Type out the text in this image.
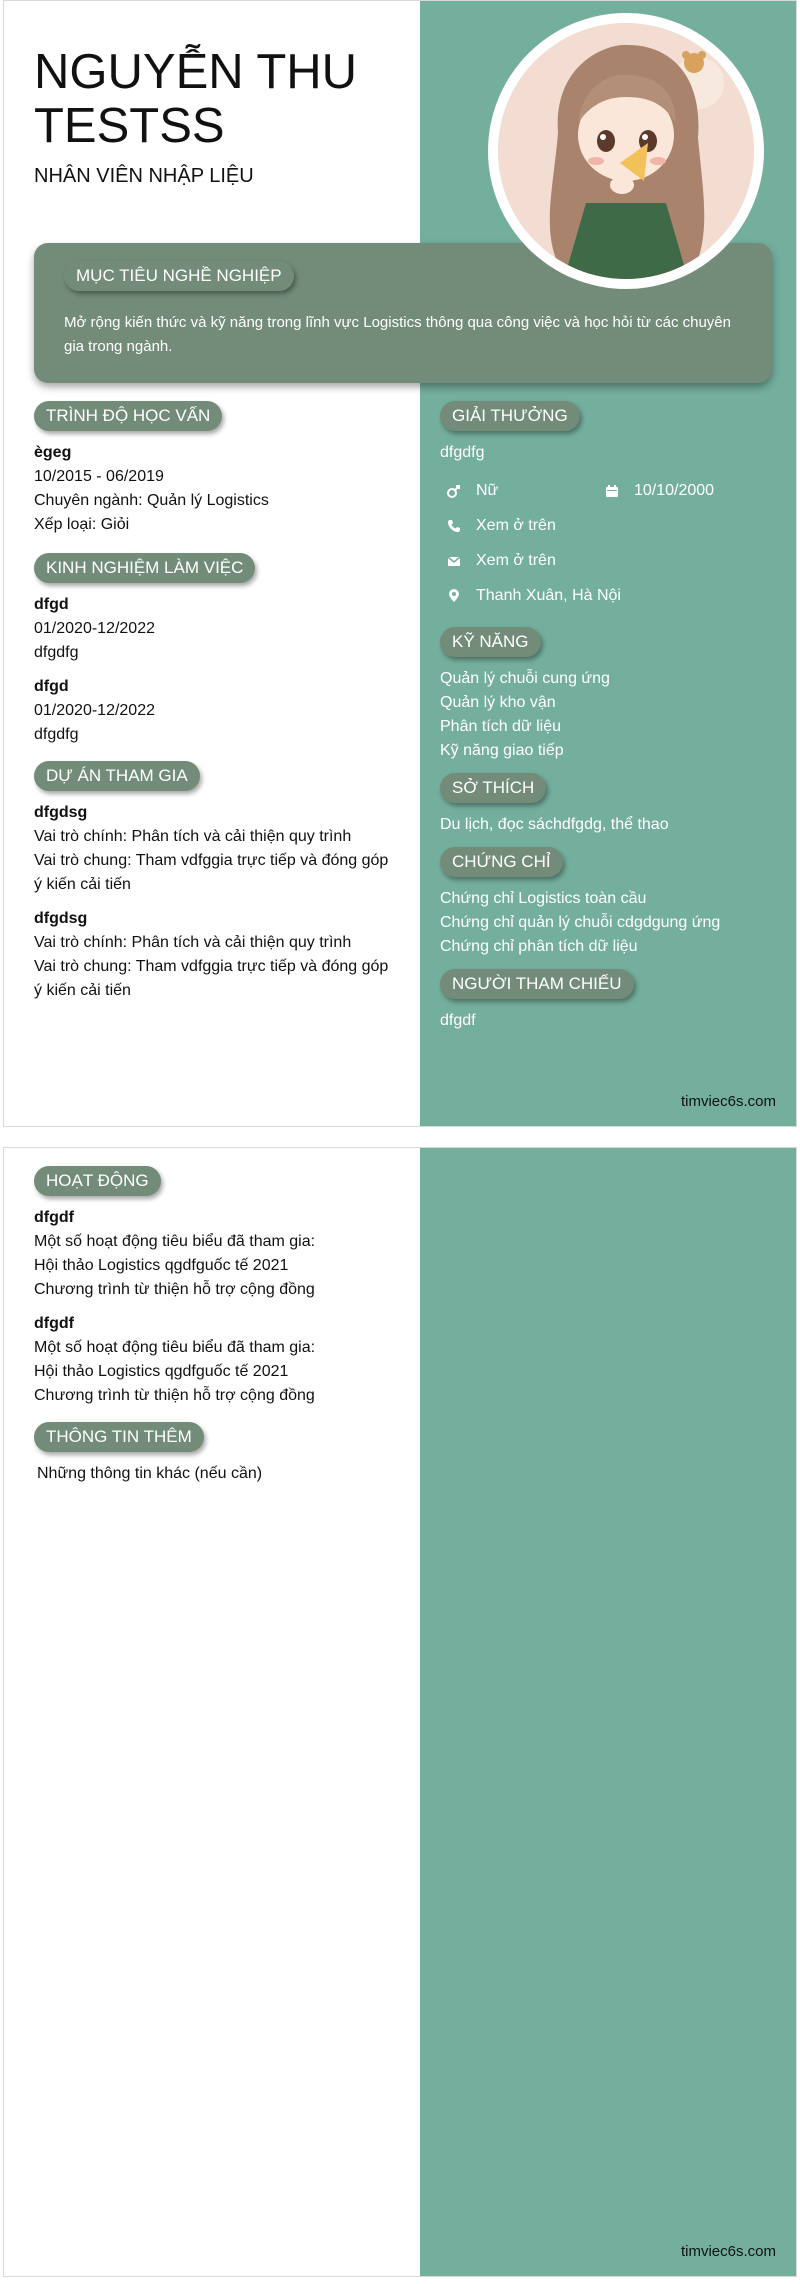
NGUYỄN THU TESTSS
NHÂN VIÊN NHẬP LIỆU
MỤC TIÊU NGHỀ NGHIỆP
Mở rộng kiến thức và kỹ năng trong lĩnh vực Logistics thông qua công việc và học hỏi từ các chuyên gia trong ngành.
TRÌNH ĐỘ HỌC VẤN
ègeg
10/2015 - 06/2019
Chuyên ngành: Quản lý Logistics
Xếp loại: Giỏi
KINH NGHIỆM LÀM VIỆC
dfgd
01/2020-12/2022
dfgdfg
dfgd
01/2020-12/2022
dfgdfg
DỰ ÁN THAM GIA
dfgdsg
Vai trò chính: Phân tích và cải thiện quy trình
Vai trò chung: Tham vdfggia trực tiếp và đóng góp ý kiến cải tiến
dfgdsg
Vai trò chính: Phân tích và cải thiện quy trình
Vai trò chung: Tham vdfggia trực tiếp và đóng góp ý kiến cải tiến
GIẢI THƯỞNG
dfgdfg
Nữ	10/10/2000
Xem ở trên
Xem ở trên
Thanh Xuân, Hà Nội
KỸ NĂNG
Quản lý chuỗi cung ứng
Quản lý kho vận
Phân tích dữ liệu
Kỹ năng giao tiếp
SỞ THÍCH
Du lịch, đọc sáchdfgdg, thể thao
CHỨNG CHỈ
Chứng chỉ Logistics toàn cầu
Chứng chỉ quản lý chuỗi cdgdgung ứng
Chứng chỉ phân tích dữ liệu
NGƯỜI THAM CHIẾU
dfgdf
timviec6s.com
HOẠT ĐỘNG
dfgdf
Một số hoạt động tiêu biểu đã tham gia:
Hội thảo Logistics qgdfguốc tế 2021
Chương trình từ thiện hỗ trợ cộng đồng
dfgdf
Một số hoạt động tiêu biểu đã tham gia:
Hội thảo Logistics qgdfguốc tế 2021
Chương trình từ thiện hỗ trợ cộng đồng
THÔNG TIN THÊM
Những thông tin khác (nếu cần)
timviec6s.com
